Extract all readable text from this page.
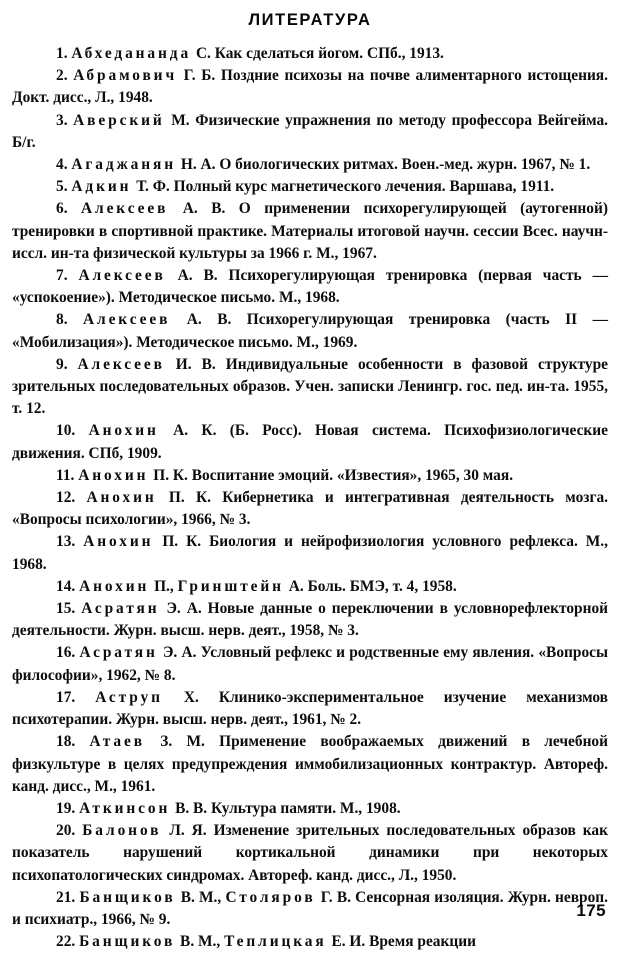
ЛИТЕРАТУРА

1. Абхедананда С. Как сделаться йогом. СПб., 1913.

2. Абрамович Г. Б. Поздние психозы на почве алиментарного истощения. Докт. дисс., Л., 1948.

3. Аверский М. Физические упражнения по методу профессора Вейгейма. Б/г.

4. Агаджанян Н. А. О биологических ритмах. Воен.-мед. журн. 1967, № 1.

5. Адкин Т. Ф. Полный курс магнетического лечения. Варшава, 1911.

6. Алексеев А. В. О применении психорегулирующей (аутогенной) тренировки в спортивной практике. Материалы итоговой научн. сессии Всес. научн-иссл. ин-та физической культуры за 1966 г. М., 1967.

7. Алексеев А. В. Психорегулирующая тренировка (первая часть — «успокоение»). Методическое письмо. М., 1968.

8. Алексеев А. В. Психорегулирующая тренировка (часть II — «Мобилизация»). Методическое письмо. М., 1969.

9. Алексеев И. В. Индивидуальные особенности в фазовой структуре зрительных последовательных образов. Учен. записки Ленингр. гос. пед. ин-та. 1955, т. 12.

10. Анохин А. К. (Б. Росс). Новая система. Психофизиологические движения. СПб, 1909.

11. Анохин П. К. Воспитание эмоций. «Известия», 1965, 30 мая.

12. Анохин П. К. Кибернетика и интегративная деятельность мозга. «Вопросы психологии», 1966, № 3.

13. Анохин П. К. Биология и нейрофизиология условного рефлекса. М., 1968.

14. Анохин П., Гринштейн А. Боль. БМЭ, т. 4, 1958.

15. Асратян Э. А. Новые данные о переключении в условнорефлекторной деятельности. Журн. высш. нерв. деят., 1958, № 3.

16. Асратян Э. А. Условный рефлекс и родственные ему явления. «Вопросы философии», 1962, № 8.

17. Аструп Х. Клинико-экспериментальное изучение механизмов психотерапии. Журн. высш. нерв. деят., 1961, № 2.

18. Атаев З. М. Применение воображаемых движений в лечебной физкультуре в целях предупреждения иммобилизационных контрактур. Автореф. канд. дисс., М., 1961.

19. Аткинсон В. В. Культура памяти. М., 1908.

20. Балонов Л. Я. Изменение зрительных последовательных образов как показатель нарушений кортикальной динамики при некоторых психопатологических синдромах. Автореф. канд. дисс., Л., 1950.

21. Банщиков В. М., Столяров Г. В. Сенсорная изоляция. Журн. невроп. и психиатр., 1966, № 9.

22. Банщиков В. М., Теплицкая Е. И. Время реакции

175
